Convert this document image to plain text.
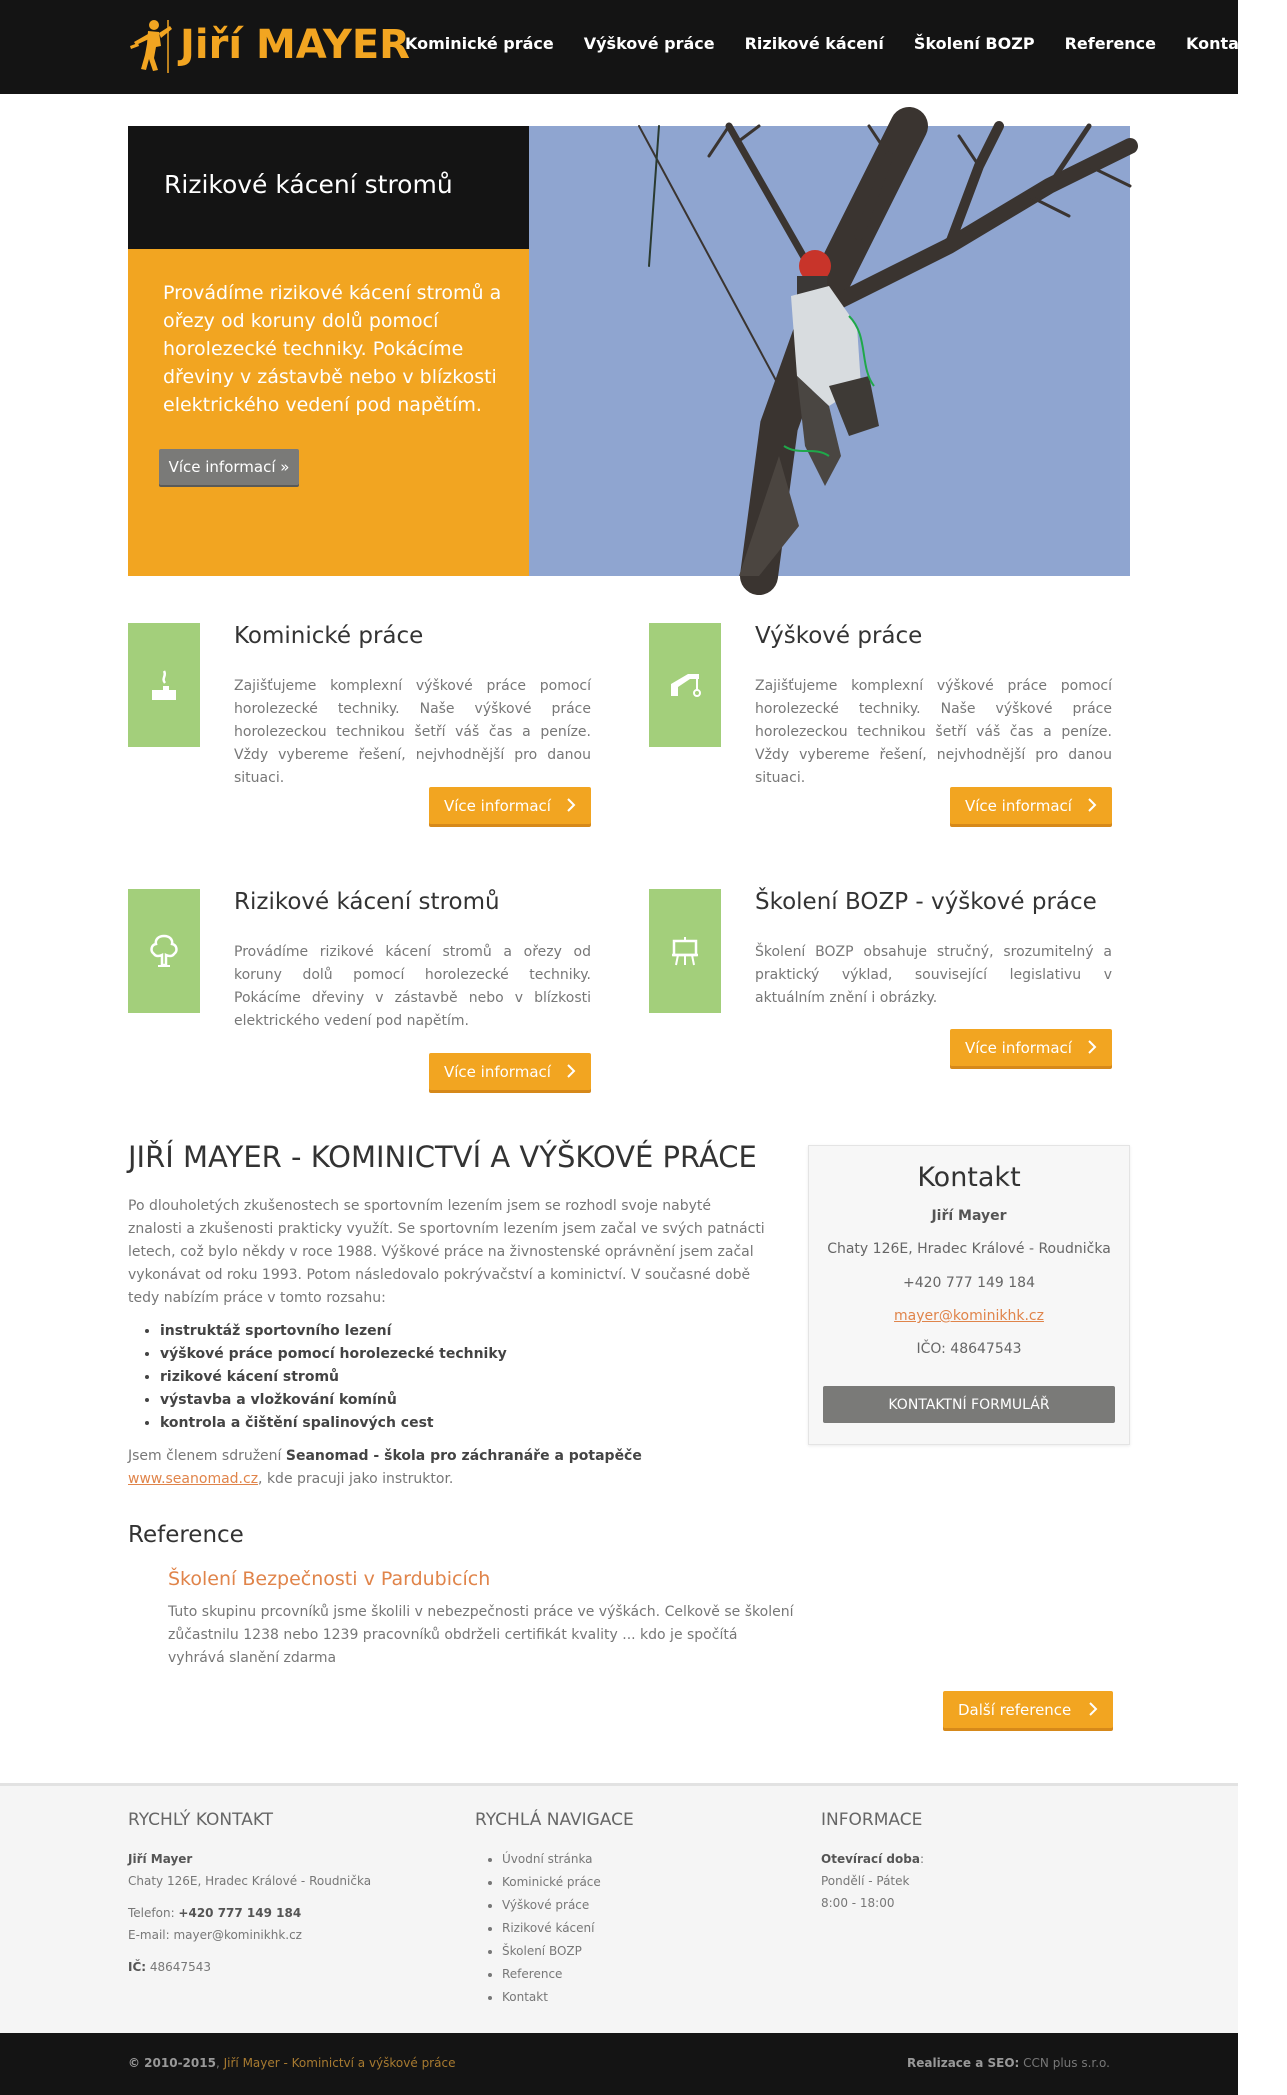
Jiří MAYER
Kominické práce Výškové práce Rizikové kácení Školení BOZP Reference Kontakt
Rizikové kácení stromů
Provádíme rizikové kácení stromů a ořezy od koruny dolů pomocí horolezecké techniky. Pokácíme dřeviny v zástavbě nebo v blízkosti elektrického vedení pod napětím.
Více informací »
Kominické práce
Zajišťujeme komplexní výškové práce pomocí horolezecké techniky. Naše výškové práce horolezeckou technikou šetří váš čas a peníze. Vždy vybereme řešení, nejvhodnější pro danou situaci.
Více informací
Výškové práce
Zajišťujeme komplexní výškové práce pomocí horolezecké techniky. Naše výškové práce horolezeckou technikou šetří váš čas a peníze. Vždy vybereme řešení, nejvhodnější pro danou situaci.
Více informací
Rizikové kácení stromů
Provádíme rizikové kácení stromů a ořezy od koruny dolů pomocí horolezecké techniky. Pokácíme dřeviny v zástavbě nebo v blízkosti elektrického vedení pod napětím.
Více informací
Školení BOZP - výškové práce
Školení BOZP obsahuje stručný, srozumitelný a praktický výklad, související legislativu v aktuálním znění i obrázky.
Více informací
JIŘÍ MAYER - KOMINICTVÍ A VÝŠKOVÉ PRÁCE
Po dlouholetých zkušenostech se sportovním lezením jsem se rozhodl svoje nabyté znalosti a zkušenosti prakticky využít. Se sportovním lezením jsem začal ve svých patnácti letech, což bylo někdy v roce 1988. Výškové práce na živnostenské oprávnění jsem začal vykonávat od roku 1993. Potom následovalo pokrývačství a kominictví. V současné době tedy nabízím práce v tomto rozsahu:
• instruktáž sportovního lezení
• výškové práce pomocí horolezecké techniky
• rizikové kácení stromů
• výstavba a vložkování komínů
• kontrola a čištění spalinových cest
Jsem členem sdružení Seanomad - škola pro záchranáře a potapěče www.seanomad.cz, kde pracuji jako instruktor.
Kontakt
Jiří Mayer
Chaty 126E, Hradec Králové - Roudnička
+420 777 149 184
mayer@kominikhk.cz
IČO: 48647543
KONTAKTNÍ FORMULÁŘ
Reference
Školení Bezpečnosti v Pardubicích
Tuto skupinu prcovníků jsme školili v nebezpečnosti práce ve výškách. Celkově se školení zůčastnilu 1238 nebo 1239 pracovníků obdrželi certifikát kvality ... kdo je spočítá vyhrává slanění zdarma
Další reference
RYCHLÝ KONTAKT
Jiří Mayer
Chaty 126E, Hradec Králové - Roudnička
Telefon: +420 777 149 184
E-mail: mayer@kominikhk.cz
IČ: 48647543
RYCHLÁ NAVIGACE
• Úvodní stránka
• Kominické práce
• Výškové práce
• Rizikové kácení
• Školení BOZP
• Reference
• Kontakt
INFORMACE
Otevírací doba:
Pondělí - Pátek
8:00 - 18:00
© 2010-2015, Jiří Mayer - Kominictví a výškové práce	Realizace a SEO: CCN plus s.r.o.
